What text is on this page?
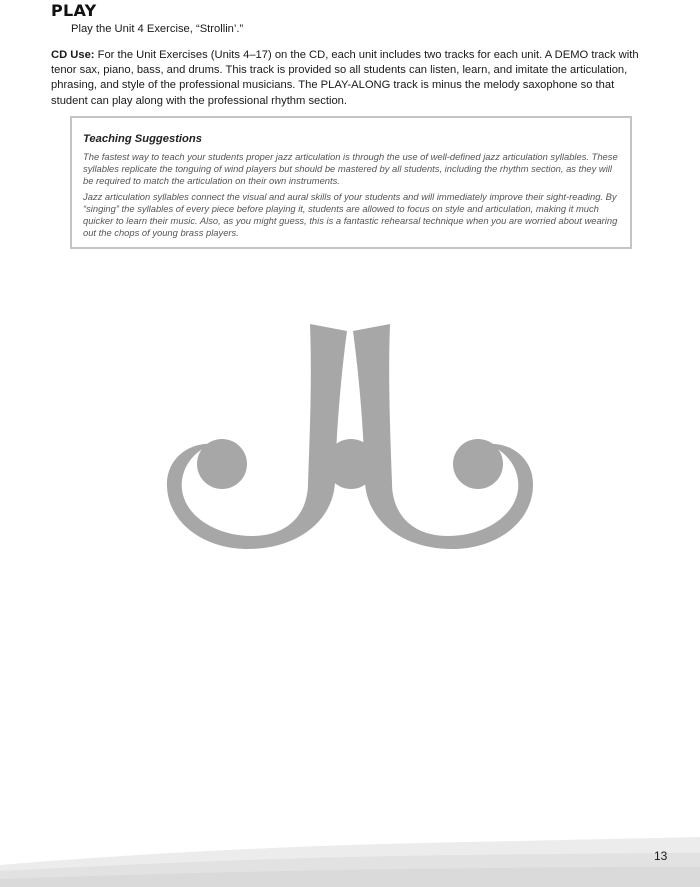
PLAY
Play the Unit 4 Exercise, “Strollin’.”
CD Use: For the Unit Exercises (Units 4–17) on the CD, each unit includes two tracks for each unit. A DEMO track with tenor sax, piano, bass, and drums. This track is provided so all students can listen, learn, and imitate the articulation, phrasing, and style of the professional musicians. The PLAY-ALONG track is minus the melody saxophone so that student can play along with the professional rhythm section.
Teaching Suggestions
The fastest way to teach your students proper jazz articulation is through the use of well-defined jazz articulation syllables. These syllables replicate the tonguing of wind players but should be mastered by all students, including the rhythm section, as they will be required to match the articulation on their own instruments.
Jazz articulation syllables connect the visual and aural skills of your students and will immediately improve their sight-reading. By “singing” the syllables of every piece before playing it, students are allowed to focus on style and articulation, making it much quicker to learn their music. Also, as you might guess, this is a fantastic rehearsal technique when you are worried about wearing out the chops of young brass players.
13
